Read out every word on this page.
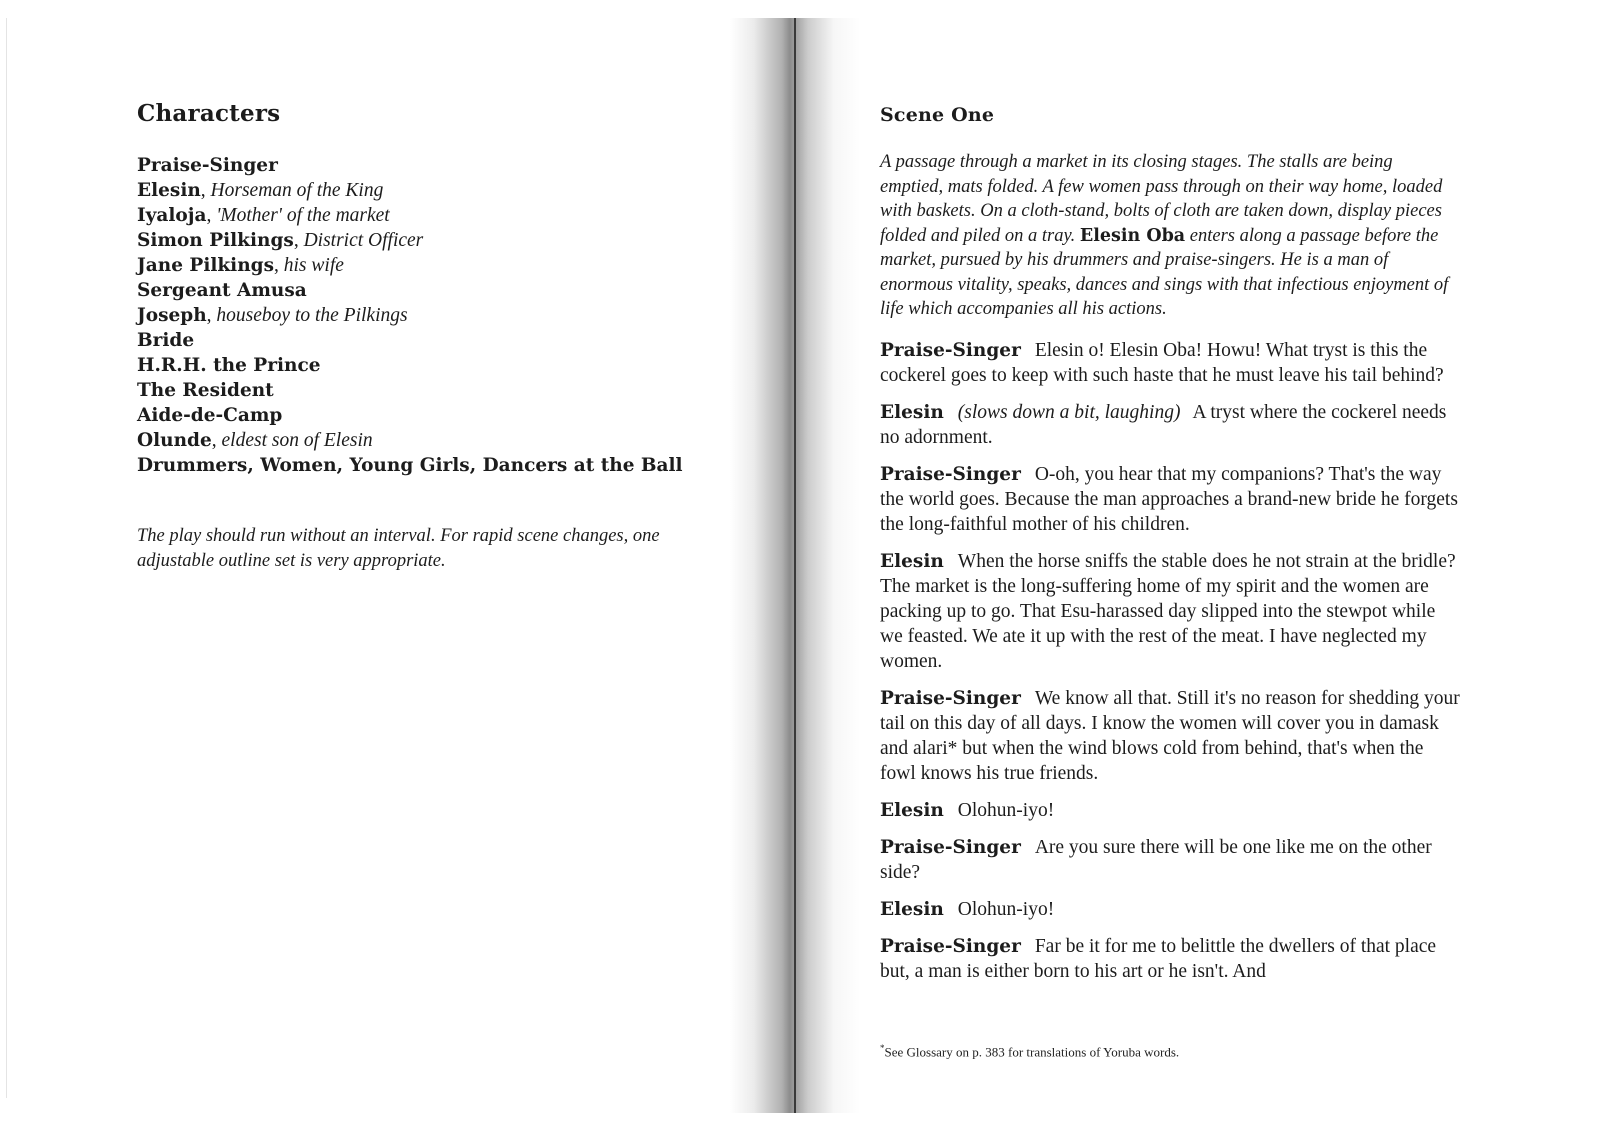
Characters
Praise-Singer
Elesin, Horseman of the King
Iyaloja, 'Mother' of the market
Simon Pilkings, District Officer
Jane Pilkings, his wife
Sergeant Amusa
Joseph, houseboy to the Pilkings
Bride
H.R.H. the Prince
The Resident
Aide-de-Camp
Olunde, eldest son of Elesin
Drummers, Women, Young Girls, Dancers at the Ball

The play should run without an interval. For rapid scene changes, one adjustable outline set is very appropriate.

Scene One

A passage through a market in its closing stages. The stalls are being emptied, mats folded. A few women pass through on their way home, loaded with baskets. On a cloth-stand, bolts of cloth are taken down, display pieces folded and piled on a tray. Elesin Oba enters along a passage before the market, pursued by his drummers and praise-singers. He is a man of enormous vitality, speaks, dances and sings with that infectious enjoyment of life which accompanies all his actions.

Praise-Singer Elesin o! Elesin Oba! Howu! What tryst is this the cockerel goes to keep with such haste that he must leave his tail behind?

Elesin (slows down a bit, laughing) A tryst where the cockerel needs no adornment.

Praise-Singer O-oh, you hear that my companions? That's the way the world goes. Because the man approaches a brand-new bride he forgets the long-faithful mother of his children.

Elesin When the horse sniffs the stable does he not strain at the bridle? The market is the long-suffering home of my spirit and the women are packing up to go. That Esu-harassed day slipped into the stewpot while we feasted. We ate it up with the rest of the meat. I have neglected my women.

Praise-Singer We know all that. Still it's no reason for shedding your tail on this day of all days. I know the women will cover you in damask and alari* but when the wind blows cold from behind, that's when the fowl knows his true friends.

Elesin Olohun-iyo!

Praise-Singer Are you sure there will be one like me on the other side?

Elesin Olohun-iyo!

Praise-Singer Far be it for me to belittle the dwellers of that place but, a man is either born to his art or he isn't. And

*See Glossary on p. 383 for translations of Yoruba words.
